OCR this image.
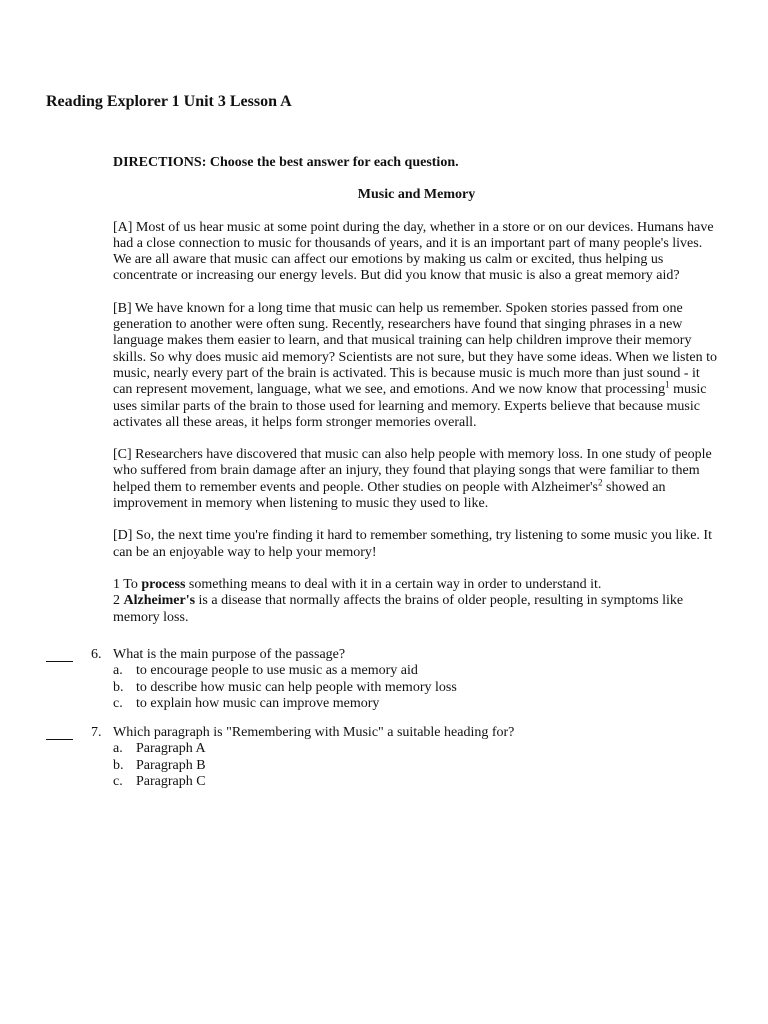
Reading Explorer 1 Unit 3 Lesson A

DIRECTIONS: Choose the best answer for each question.

Music and Memory

[A] Most of us hear music at some point during the day, whether in a store or on our devices. Humans have had a close connection to music for thousands of years, and it is an important part of many people's lives. We are all aware that music can affect our emotions by making us calm or excited, thus helping us concentrate or increasing our energy levels. But did you know that music is also a great memory aid?

[B] We have known for a long time that music can help us remember. Spoken stories passed from one generation to another were often sung. Recently, researchers have found that singing phrases in a new language makes them easier to learn, and that musical training can help children improve their memory skills. So why does music aid memory? Scientists are not sure, but they have some ideas. When we listen to music, nearly every part of the brain is activated. This is because music is much more than just sound - it can represent movement, language, what we see, and emotions. And we now know that processing$^1$ music uses similar parts of the brain to those used for learning and memory. Experts believe that because music activates all these areas, it helps form stronger memories overall.

[C] Researchers have discovered that music can also help people with memory loss. In one study of people who suffered from brain damage after an injury, they found that playing songs that were familiar to them helped them to remember events and people. Other studies on people with $Alzheimer's^2$ showed an improvement in memory when listening to music they used to like.

[D] So, the next time you're finding it hard to remember something, try listening to some music you like. It can be an enjoyable way to help your memory!

1 To process something means to deal with it in a certain way in order to understand it.

2 Alzheimer's is a disease that normally affects the brains of older people, resulting in symptoms like memory loss.

6. What is the main purpose of the passage?
a. to encourage people to use music as a memory aid
b. to describe how music can help people with memory loss
c. to explain how music can improve memory
7. Which paragraph is "Remembering with Music" a suitable heading for?
a. Paragraph A
b. Paragraph B
c. Paragraph C
